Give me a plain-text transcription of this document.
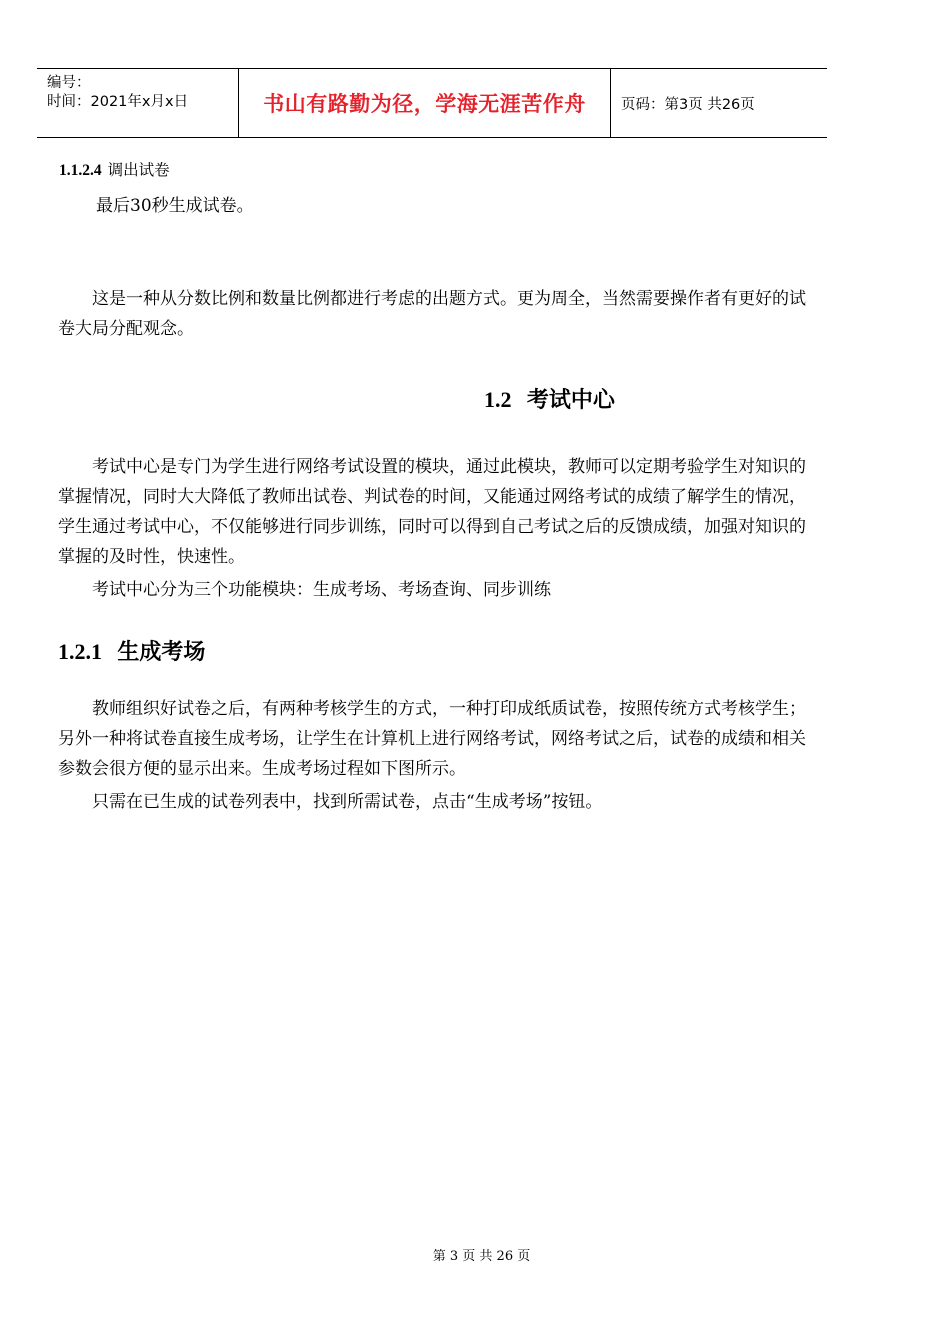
编号：
时间：2021年x月x日	书山有路勤为径，学海无涯苦作舟 页码：第3页 共26页
1.1.2.4 调出试卷
最后30秒生成试卷。
这是一种从分数比例和数量比例都进行考虑的出题方式。更为周全，当然需要操作者有更好的试卷大局分配观念。
1.2 考试中心
考试中心是专门为学生进行网络考试设置的模块，通过此模块，教师可以定期考验学生对知识的掌握情况，同时大大降低了教师出试卷、判试卷的时间，又能通过网络考试的成绩了解学生的情况，学生通过考试中心，不仅能够进行同步训练，同时可以得到自己考试之后的反馈成绩，加强对知识的掌握的及时性，快速性。
考试中心分为三个功能模块：生成考场、考场查询、同步训练
1.2.1 生成考场
教师组织好试卷之后，有两种考核学生的方式，一种打印成纸质试卷，按照传统方式考核学生；另外一种将试卷直接生成考场，让学生在计算机上进行网络考试，网络考试之后，试卷的成绩和相关参数会很方便的显示出来。生成考场过程如下图所示。
只需在已生成的试卷列表中，找到所需试卷，点击“生成考场”按钮。
第 3 页 共 26 页
